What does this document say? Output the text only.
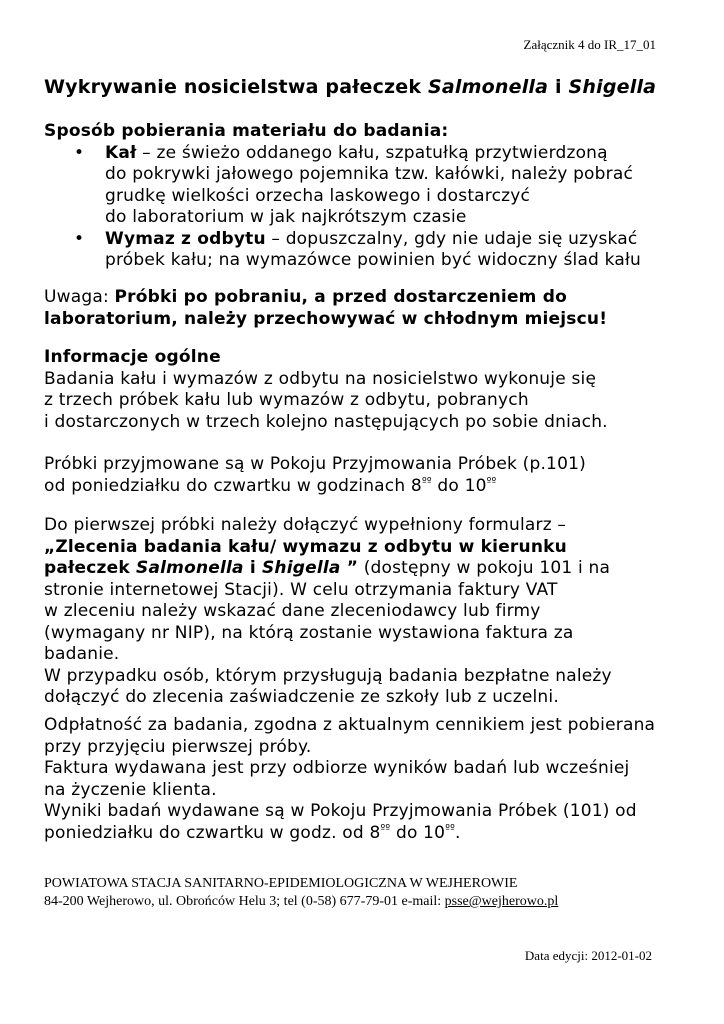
Załącznik 4 do IR_17_01
Wykrywanie nosicielstwa pałeczek Salmonella i Shigella
Sposób pobierania materiału do badania:
• Kał – ze świeżo oddanego kału, szpatułką przytwierdzoną
do pokrywki jałowego pojemnika tzw. kałówki, należy pobrać
grudkę wielkości orzecha laskowego i dostarczyć
do laboratorium w jak najkrótszym czasie
• Wymaz z odbytu – dopuszczalny, gdy nie udaje się uzyskać
próbek kału; na wymazówce powinien być widoczny ślad kału
Uwaga: Próbki po pobraniu, a przed dostarczeniem do
laboratorium, należy przechowywać w chłodnym miejscu!
Informacje ogólne
Badania kału i wymazów z odbytu na nosicielstwo wykonuje się
z trzech próbek kału lub wymazów z odbytu, pobranych
i dostarczonych w trzech kolejno następujących po sobie dniach.
Próbki przyjmowane są w Pokoju Przyjmowania Próbek (p.101)
od poniedziałku do czwartku w godzinach $8^{ºº}$ do $10^{ºº}$
Do pierwszej próbki należy dołączyć wypełniony formularz –
„Zlecenia badania kału/ wymazu z odbytu w kierunku
pałeczek Salmonella i Shigella ” (dostępny w pokoju 101 i na
stronie internetowej Stacji). W celu otrzymania faktury VAT
w zleceniu należy wskazać dane zleceniodawcy lub firmy
(wymagany nr NIP), na którą zostanie wystawiona faktura za
badanie.
W przypadku osób, którym przysługują badania bezpłatne należy
dołączyć do zlecenia zaświadczenie ze szkoły lub z uczelni.
Odpłatność za badania, zgodna z aktualnym cennikiem jest pobierana
przy przyjęciu pierwszej próby.
Faktura wydawana jest przy odbiorze wyników badań lub wcześniej
na życzenie klienta.
Wyniki badań wydawane są w Pokoju Przyjmowania Próbek (101) od
poniedziałku do czwartku w godz. od $8^{ºº}$ do $10^{ºº}$.
POWIATOWA STACJA SANITARNO-EPIDEMIOLOGICZNA W WEJHEROWIE
84-200 Wejherowo, ul. Obrońców Helu 3; tel (0-58) 677-79-01 e-mail: psse@wejherowo.pl
Data edycji: 2012-01-02
